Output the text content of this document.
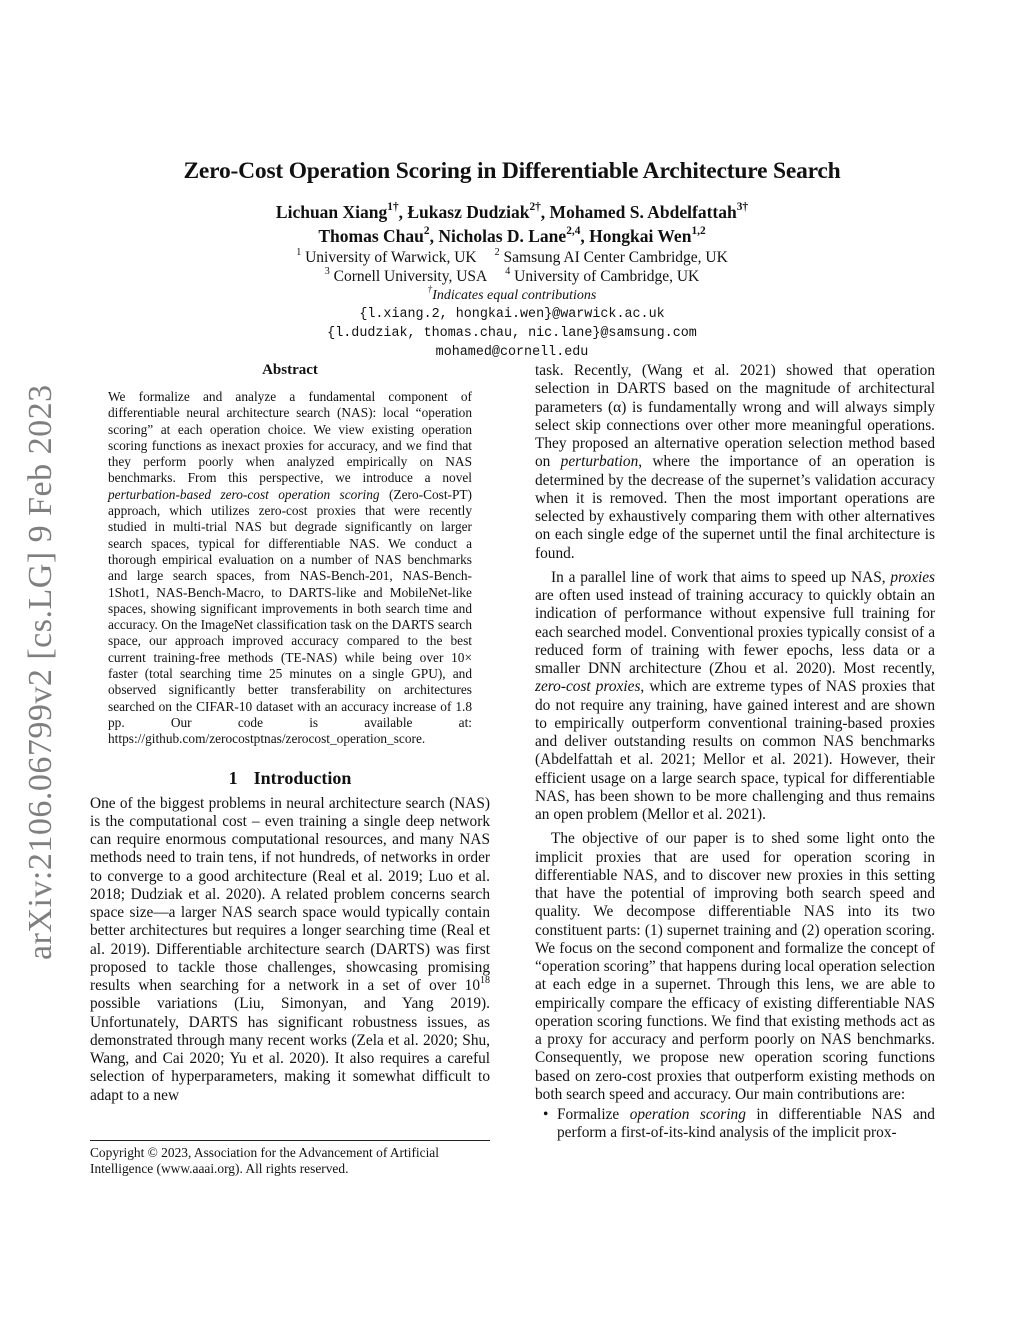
arXiv:2106.06799v2 [cs.LG] 9 Feb 2023
Zero-Cost Operation Scoring in Differentiable Architecture Search
Lichuan Xiang$^{1\dagger}$, Łukasz Dudziak$^{2\dagger}$, Mohamed S. Abdelfattah$^{3\dagger}$
Thomas Chau$^2$, Nicholas D. Lane$^{2,4}$, Hongkai Wen$^{1,2}$
$^1$ University of Warwick, UK $^2$ Samsung AI Center Cambridge, UK
$^3$ Cornell University, USA $^4$ University of Cambridge, UK
†Indicates equal contributions
{l.xiang.2, hongkai.wen}@warwick.ac.uk
{l.dudziak, thomas.chau, nic.lane}@samsung.com
mohamed@cornell.edu
Abstract

We formalize and analyze a fundamental component of differentiable neural architecture search (NAS): local “operation scoring” at each operation choice. We view existing operation scoring functions as inexact proxies for accuracy, and we find that they perform poorly when analyzed empirically on NAS benchmarks. From this perspective, we introduce a novel perturbation-based zero-cost operation scoring (Zero-Cost-PT) approach, which utilizes zero-cost proxies that were recently studied in multi-trial NAS but degrade significantly on larger search spaces, typical for differentiable NAS. We conduct a thorough empirical evaluation on a number of NAS benchmarks and large search spaces, from NAS-Bench-201, NAS-Bench-1Shot1, NAS-Bench-Macro, to DARTS-like and MobileNet-like spaces, showing significant improvements in both search time and accuracy. On the ImageNet classification task on the DARTS search space, our approach improved accuracy compared to the best current training-free methods (TE-NAS) while being over 10× faster (total searching time 25 minutes on a single GPU), and observed significantly better transferability on architectures searched on the CIFAR-10 dataset with an accuracy increase of 1.8 pp. Our code is available at: https://github.com/zerocostptnas/zerocost_operation_score.

1 Introduction

One of the biggest problems in neural architecture search (NAS) is the computational cost – even training a single deep network can require enormous computational resources, and many NAS methods need to train tens, if not hundreds, of networks in order to converge to a good architecture (Real et al. 2019; Luo et al. 2018; Dudziak et al. 2020). A related problem concerns search space size—a larger NAS search space would typically contain better architectures but requires a longer searching time (Real et al. 2019). Differentiable architecture search (DARTS) was first proposed to tackle those challenges, showcasing promising results when searching for a network in a set of over $10^{18}$ possible variations (Liu, Simonyan, and Yang 2019). Unfortunately, DARTS has significant robustness issues, as demonstrated through many recent works (Zela et al. 2020; Shu, Wang, and Cai 2020; Yu et al. 2020). It also requires a careful selection of hyperparameters, making it somewhat difficult to adapt to a new

Copyright © 2023, Association for the Advancement of Artificial Intelligence (www.aaai.org). All rights reserved.

task. Recently, (Wang et al. 2021) showed that operation selection in DARTS based on the magnitude of architectural parameters (α) is fundamentally wrong and will always simply select skip connections over other more meaningful operations. They proposed an alternative operation selection method based on perturbation, where the importance of an operation is determined by the decrease of the supernet’s validation accuracy when it is removed. Then the most important operations are selected by exhaustively comparing them with other alternatives on each single edge of the supernet until the final architecture is found.

In a parallel line of work that aims to speed up NAS, proxies are often used instead of training accuracy to quickly obtain an indication of performance without expensive full training for each searched model. Conventional proxies typically consist of a reduced form of training with fewer epochs, less data or a smaller DNN architecture (Zhou et al. 2020). Most recently, zero-cost proxies, which are extreme types of NAS proxies that do not require any training, have gained interest and are shown to empirically outperform conventional training-based proxies and deliver outstanding results on common NAS benchmarks (Abdelfattah et al. 2021; Mellor et al. 2021). However, their efficient usage on a large search space, typical for differentiable NAS, has been shown to be more challenging and thus remains an open problem (Mellor et al. 2021).

The objective of our paper is to shed some light onto the implicit proxies that are used for operation scoring in differentiable NAS, and to discover new proxies in this setting that have the potential of improving both search speed and quality. We decompose differentiable NAS into its two constituent parts: (1) supernet training and (2) operation scoring. We focus on the second component and formalize the concept of “operation scoring” that happens during local operation selection at each edge in a supernet. Through this lens, we are able to empirically compare the efficacy of existing differentiable NAS operation scoring functions. We find that existing methods act as a proxy for accuracy and perform poorly on NAS benchmarks. Consequently, we propose new operation scoring functions based on zero-cost proxies that outperform existing methods on both search speed and accuracy. Our main contributions are:

• Formalize operation scoring in differentiable NAS and perform a first-of-its-kind analysis of the implicit prox-
